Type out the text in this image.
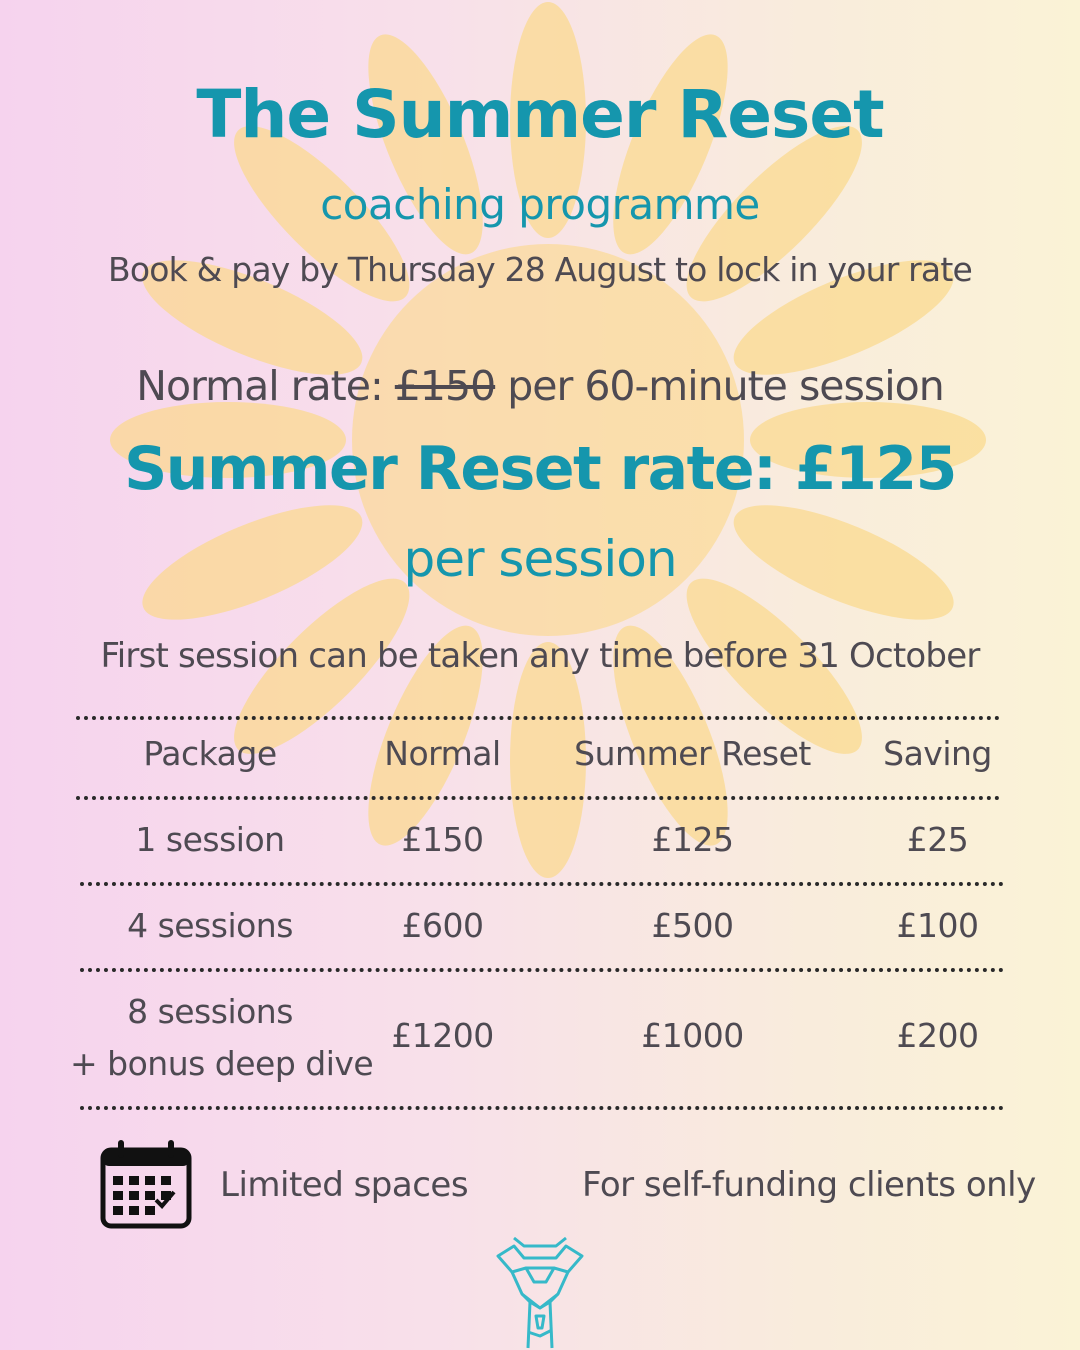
The Summer Reset
coaching programme
Book & pay by Thursday 28 August to lock in your rate
Normal rate: £150 per 60-minute session
Summer Reset rate: £125
per session
First session can be taken any time before 31 October
Package	Normal	Summer Reset	Saving
1 session	£150	£125	£25
4 sessions	£600	£500	£100
8 sessions
+ bonus deep dive
£1200	£1000	£200
Limited spaces	For self-funding clients only
